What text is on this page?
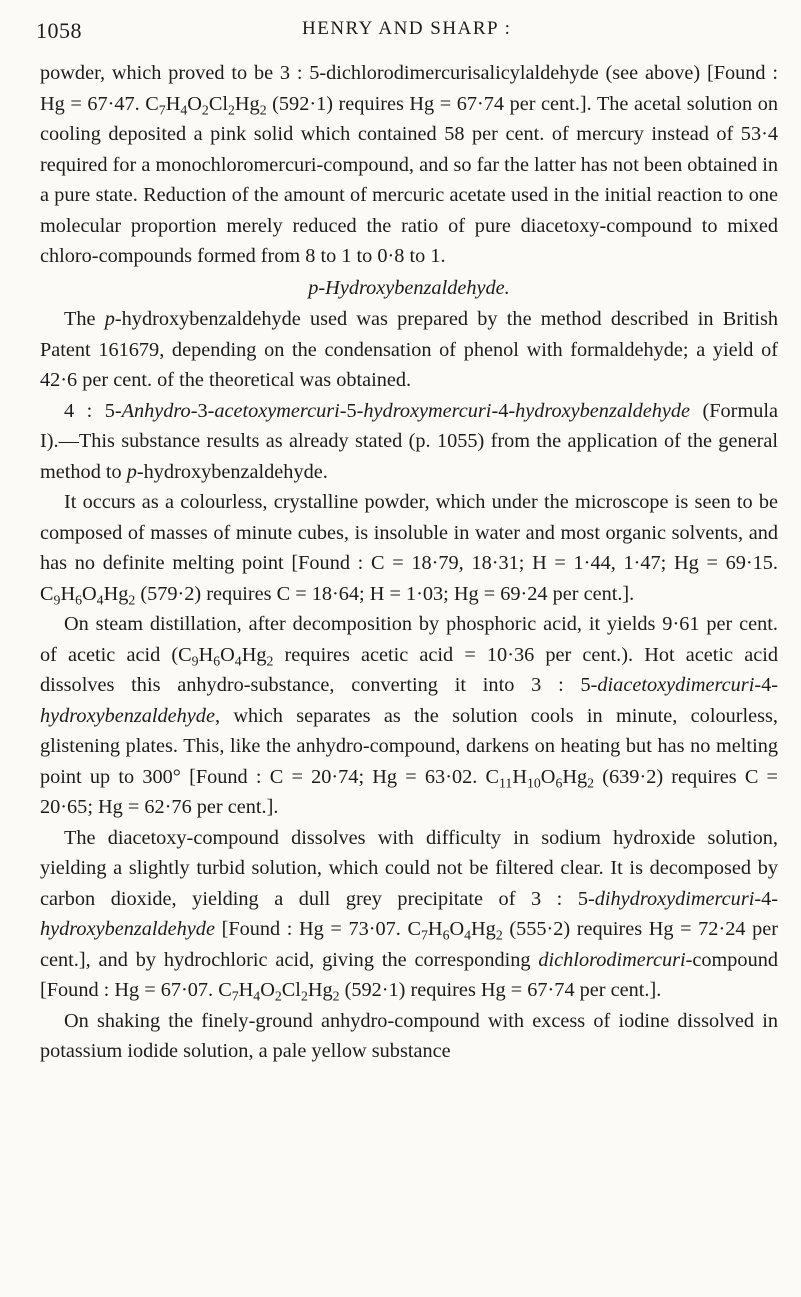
1058	HENRY AND SHARP :

powder, which proved to be 3 : 5-dichlorodimercurisalicylaldehyde (see above) [Found : Hg = 67·47. $C_7H_4O_2Cl_2Hg_2$ (592·1) requires Hg = 67·74 per cent.]. The acetal solution on cooling deposited a pink solid which contained 58 per cent. of mercury instead of 53·4 required for a monochloromercuri-compound, and so far the latter has not been obtained in a pure state. Reduction of the amount of mercuric acetate used in the initial reaction to one molecular proportion merely reduced the ratio of pure diacetoxy-compound to mixed chloro-compounds formed from 8 to 1 to 0·8 to 1.

p-Hydroxybenzaldehyde.

The p-hydroxybenzaldehyde used was prepared by the method described in British Patent 161679, depending on the condensation of phenol with formaldehyde; a yield of 42·6 per cent. of the theoretical was obtained.

4 : 5-Anhydro-3-acetoxymercuri-5-hydroxymercuri-4-hydroxybenzaldehyde (Formula I).—This substance results as already stated (p. 1055) from the application of the general method to p-hydroxybenzaldehyde.

It occurs as a colourless, crystalline powder, which under the microscope is seen to be composed of masses of minute cubes, is insoluble in water and most organic solvents, and has no definite melting point [Found : C = 18·79, 18·31; H = 1·44, 1·47; Hg = 69·15. $C_9H_6O_4Hg_2$ (579·2) requires C = 18·64; H = 1·03; Hg = 69·24 per cent.].

On steam distillation, after decomposition by phosphoric acid, it yields 9·61 per cent. of acetic acid ($C_9H_6O_4Hg_2$ requires acetic acid = 10·36 per cent.). Hot acetic acid dissolves this anhydro-substance, converting it into 3 : 5-diacetoxydimercuri-4-hydroxybenzaldehyde, which separates as the solution cools in minute, colourless, glistening plates. This, like the anhydro-compound, darkens on heating but has no melting point up to 300° [Found : C = 20·74; Hg = 63·02. $C_{11}H_{10}O_6Hg_2$ (639·2) requires C = 20·65; Hg = 62·76 per cent.].

The diacetoxy-compound dissolves with difficulty in sodium hydroxide solution, yielding a slightly turbid solution, which could not be filtered clear. It is decomposed by carbon dioxide, yielding a dull grey precipitate of 3 : 5-dihydroxydimercuri-4-hydroxybenzaldehyde [Found : Hg = 73·07. $C_7H_6O_4Hg_2$ (555·2) requires Hg = 72·24 per cent.], and by hydrochloric acid, giving the corresponding dichlorodimercuri-compound [Found : Hg = 67·07. $C_7H_4O_2Cl_2Hg_2$ (592·1) requires Hg = 67·74 per cent.].

On shaking the finely-ground anhydro-compound with excess of iodine dissolved in potassium iodide solution, a pale yellow substance
